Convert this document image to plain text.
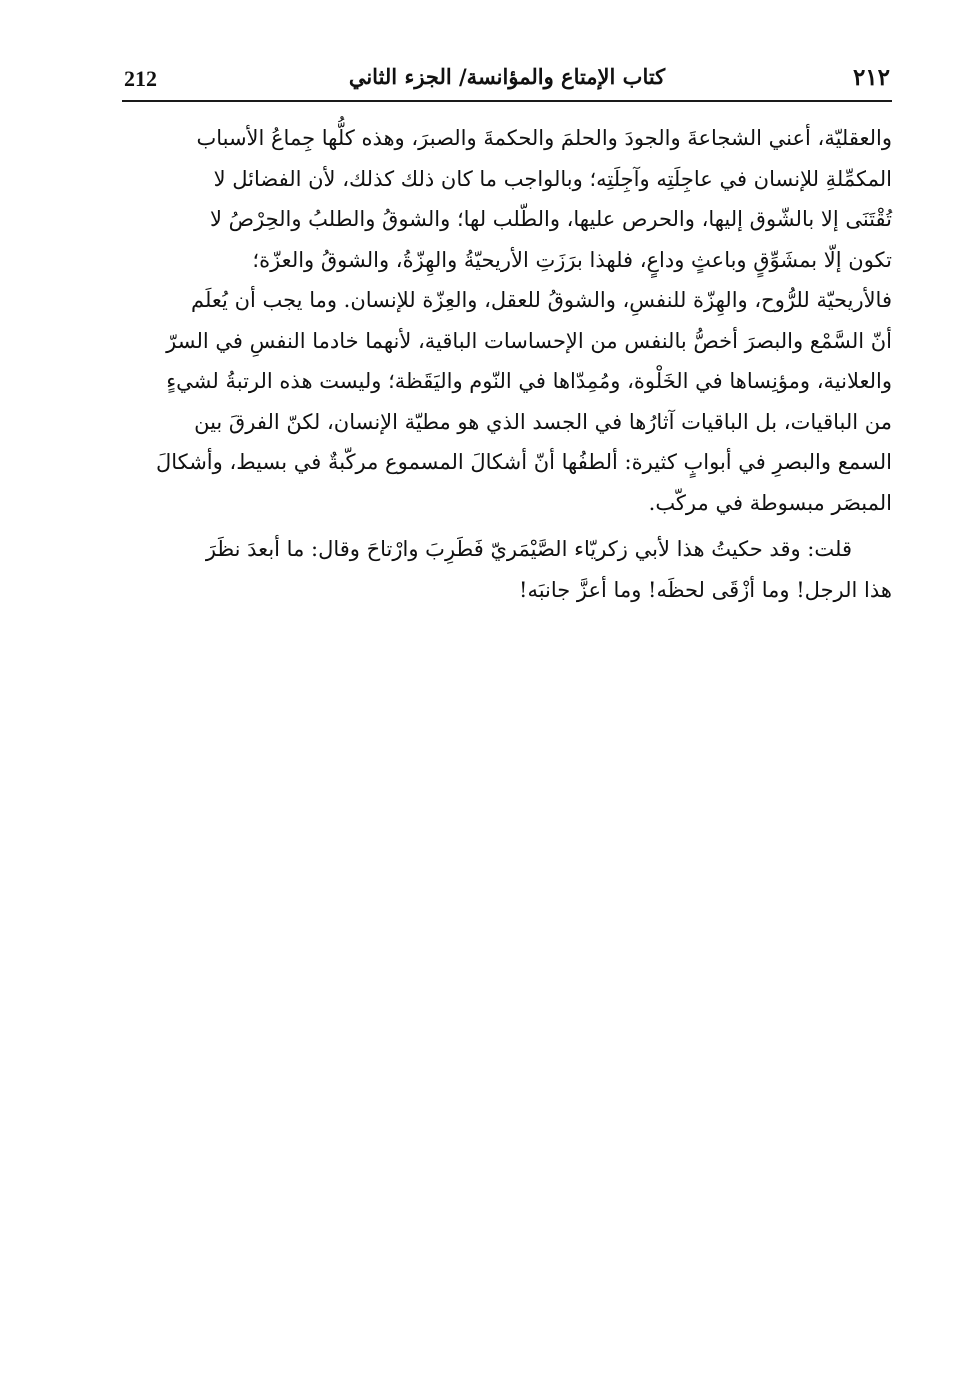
212	كتاب الإمتاع والمؤانسة/ الجزء الثاني	٢١٢

والعقليّة، أعني الشجاعةَ والجودَ والحلمَ والحكمةَ والصبرَ، وهذه كلُّها جِماعُ الأسباب
المكمِّلةِ للإنسان في عاجِلَتِه وآجِلَتِه؛ وبالواجب ما كان ذلك كذلك، لأن الفضائل لا
تُقْتَنَى إلا بالشّوق إليها، والحرص عليها، والطّلب لها؛ والشوقُ والطلبُ والحِرْصُ لا
تكون إلّا بمشَوِّقٍ وباعثٍ وداعٍ، فلهذا برَزَتِ الأريحيّةُ والهِزّةُ، والشوقُ والعزّة؛
فالأريحيّة للرُّوح، والهِزّة للنفسِ، والشوقُ للعقل، والعِزّة للإنسان. وما يجب أن يُعلَم
أنّ السَّمْع والبصرَ أخصُّ بالنفس من الإحساسات الباقية، لأنهما خادما النفسِ في السرّ
والعلانية، ومؤنِساها في الخَلْوة، ومُمِدّاها في النّوم واليَقَظة؛ وليست هذه الرتبةُ لشيءٍ
من الباقيات، بل الباقيات آثارُها في الجسد الذي هو مطيّة الإنسان، لكنّ الفرقَ بين
السمع والبصرِ في أبوابٍ كثيرة: ألطفُها أنّ أشكالَ المسموع مركّبةٌ في بسيط، وأشكالَ
المبصَر مبسوطة في مركّب.

قلت: وقد حكيتُ هذا لأبي زكريّاء الصَّيْمَريّ فَطَرِبَ وارْتاحَ وقال: ما أبعدَ نظَرَ
هذا الرجل! وما أزْقَى لحظَه! وما أعزَّ جانبَه!
